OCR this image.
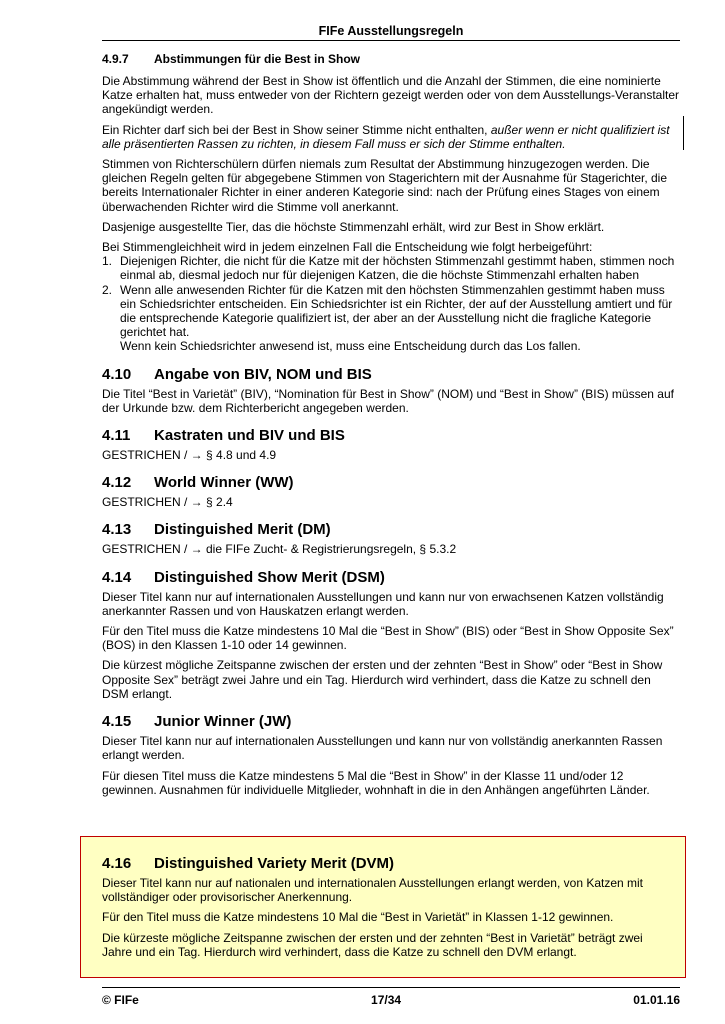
FIFe Ausstellungsregeln
4.9.7	Abstimmungen für die Best in Show

Die Abstimmung während der Best in Show ist öffentlich und die Anzahl der Stimmen, die eine nominierte Katze erhalten hat, muss entweder von der Richtern gezeigt werden oder von dem Ausstellungs-Veranstalter angekündigt werden.

Ein Richter darf sich bei der Best in Show seiner Stimme nicht enthalten, außer wenn er nicht qualifiziert ist alle präsentierten Rassen zu richten, in diesem Fall muss er sich der Stimme enthalten.

Stimmen von Richterschülern dürfen niemals zum Resultat der Abstimmung hinzugezogen werden. Die gleichen Regeln gelten für abgegebene Stimmen von Stagerichtern mit der Ausnahme für Stagerichter, die bereits Internationaler Richter in einer anderen Kategorie sind: nach der Prüfung eines Stages von einem überwachenden Richter wird die Stimme voll anerkannt.

Dasjenige ausgestellte Tier, das die höchste Stimmenzahl erhält, wird zur Best in Show erklärt.

Bei Stimmengleichheit wird in jedem einzelnen Fall die Entscheidung wie folgt herbeigeführt:

1. Diejenigen Richter, die nicht für die Katze mit der höchsten Stimmenzahl gestimmt haben, stimmen noch einmal ab, diesmal jedoch nur für diejenigen Katzen, die die höchste Stimmenzahl erhalten haben
2. Wenn alle anwesenden Richter für die Katzen mit den höchsten Stimmenzahlen gestimmt haben muss ein Schiedsrichter entscheiden. Ein Schiedsrichter ist ein Richter, der auf der Ausstellung amtiert und für die entsprechende Kategorie qualifiziert ist, der aber an der Ausstellung nicht die fragliche Kategorie gerichtet hat.
Wenn kein Schiedsrichter anwesend ist, muss eine Entscheidung durch das Los fallen.
4.10	Angabe von BIV, NOM und BIS

Die Titel “Best in Varietät” (BIV), “Nomination für Best in Show” (NOM) und “Best in Show” (BIS) müssen auf der Urkunde bzw. dem Richterbericht angegeben werden.

4.11	Kastraten und BIV und BIS

GESTRICHEN / → § 4.8 und 4.9

4.12	World Winner (WW)

GESTRICHEN / → § 2.4

4.13	Distinguished Merit (DM)

GESTRICHEN / → die FIFe Zucht- & Registrierungsregeln, § 5.3.2

4.14	Distinguished Show Merit (DSM)

Dieser Titel kann nur auf internationalen Ausstellungen und kann nur von erwachsenen Katzen vollständig anerkannter Rassen und von Hauskatzen erlangt werden.

Für den Titel muss die Katze mindestens 10 Mal die “Best in Show” (BIS) oder “Best in Show Opposite Sex” (BOS) in den Klassen 1-10 oder 14 gewinnen.

Die kürzest mögliche Zeitspanne zwischen der ersten und der zehnten “Best in Show” oder “Best in Show Opposite Sex” beträgt zwei Jahre und ein Tag. Hierdurch wird verhindert, dass die Katze zu schnell den DSM erlangt.

4.15	Junior Winner (JW)

Dieser Titel kann nur auf internationalen Ausstellungen und kann nur von vollständig anerkannten Rassen erlangt werden.

Für diesen Titel muss die Katze mindestens 5 Mal die “Best in Show” in der Klasse 11 und/oder 12 gewinnen. Ausnahmen für individuelle Mitglieder, wohnhaft in die in den Anhängen angeführten Länder.

4.16	Distinguished Variety Merit (DVM)

Dieser Titel kann nur auf nationalen und internationalen Ausstellungen erlangt werden, von Katzen mit vollständiger oder provisorischer Anerkennung.

Für den Titel muss die Katze mindestens 10 Mal die “Best in Varietät” in Klassen 1-12 gewinnen.

Die kürzeste mögliche Zeitspanne zwischen der ersten und der zehnten “Best in Varietät” beträgt zwei Jahre und ein Tag. Hierdurch wird verhindert, dass die Katze zu schnell den DVM erlangt.

© FIFe	17/34	01.01.16
